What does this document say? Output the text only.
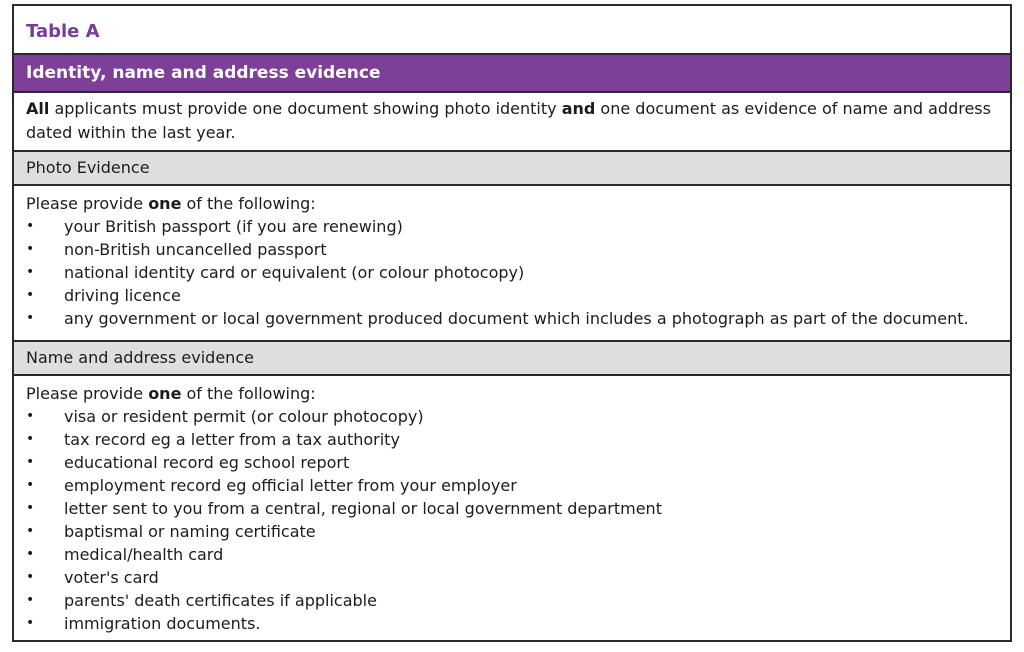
Table A
Identity, name and address evidence
All applicants must provide one document showing photo identity and one document as evidence of name and address dated within the last year.
Photo Evidence
Please provide one of the following:
• your British passport (if you are renewing)
• non-British uncancelled passport
• national identity card or equivalent (or colour photocopy)
• driving licence
• any government or local government produced document which includes a photograph as part of the document.
Name and address evidence
Please provide one of the following:
• visa or resident permit (or colour photocopy)
• tax record eg a letter from a tax authority
• educational record eg school report
• employment record eg official letter from your employer
• letter sent to you from a central, regional or local government department
• baptismal or naming certificate
• medical/health card
• voter's card
• parents' death certificates if applicable
• immigration documents.
